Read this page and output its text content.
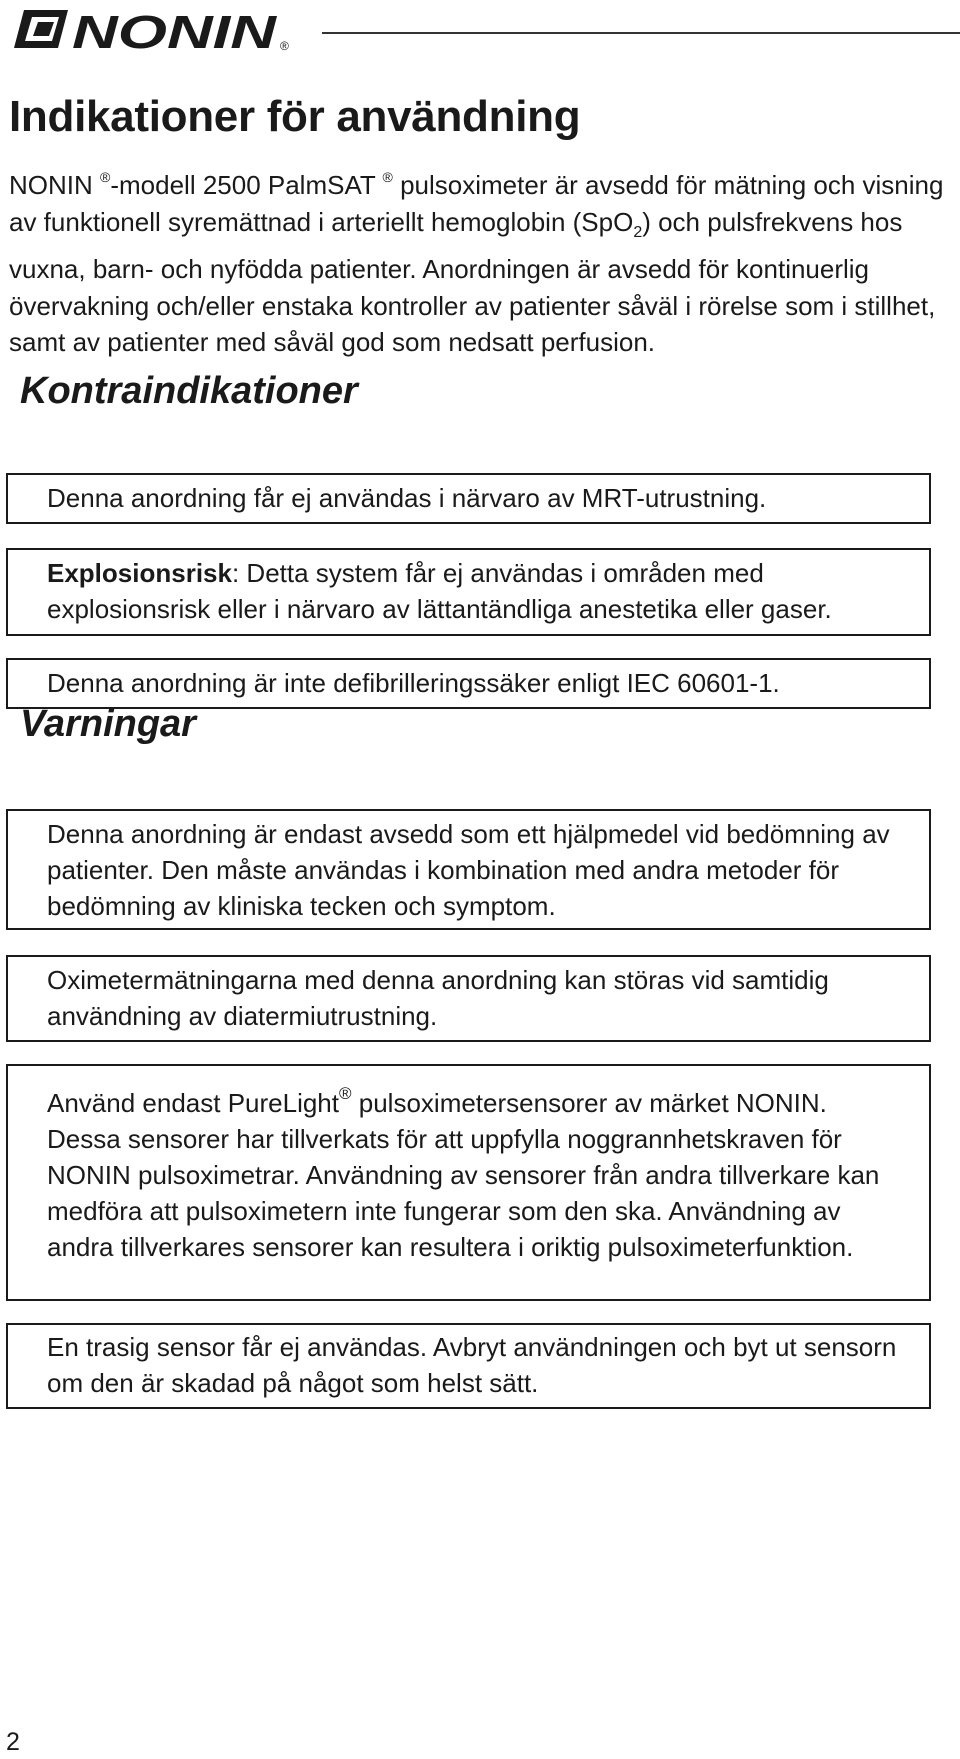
NONIN ®
Indikationer för användning

NONIN ®-modell 2500 PalmSAT ® pulsoximeter är avsedd för mätning och visning av funktionell syremättnad i arteriellt hemoglobin (SpO$_2$) och pulsfrekvens hos vuxna, barn- och nyfödda patienter. Anordningen är avsedd för kontinuerlig övervakning och/eller enstaka kontroller av patienter såväl i rörelse som i stillhet, samt av patienter med såväl god som nedsatt perfusion.

Kontraindikationer

Denna anordning får ej användas i närvaro av MRT-utrustning.

Explosionsrisk: Detta system får ej användas i områden med explosionsrisk eller i närvaro av lättantändliga anestetika eller gaser.

Denna anordning är inte defibrilleringssäker enligt IEC 60601-1.

Varningar

Denna anordning är endast avsedd som ett hjälpmedel vid bedömning av patienter. Den måste användas i kombination med andra metoder för bedömning av kliniska tecken och symptom.

Oximetermätningarna med denna anordning kan störas vid samtidig användning av diatermiutrustning.

Använd endast PureLight® pulsoximetersensorer av märket NONIN. Dessa sensorer har tillverkats för att uppfylla noggrannhetskraven för NONIN pulsoximetrar. Användning av sensorer från andra tillverkare kan medföra att pulsoximetern inte fungerar som den ska. Användning av andra tillverkares sensorer kan resultera i oriktig pulsoximeterfunktion.

En trasig sensor får ej användas. Avbryt användningen och byt ut sensorn om den är skadad på något som helst sätt.

2
